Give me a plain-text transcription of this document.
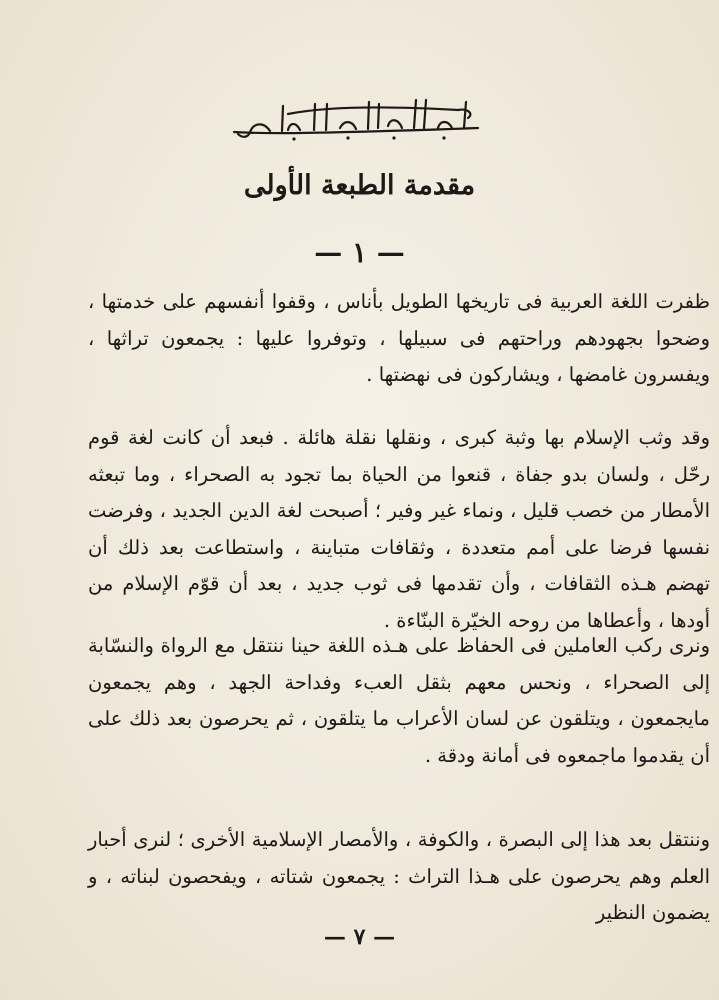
مقدمة الطبعة الأولى
— ١ —

ظفرت اللغة العربية فى تاريخها الطويل بأناس ، وقفوا أنفسهم على خدمتها ، وضحوا بجهودهم وراحتهم فى سبيلها ، وتوفروا عليها : يجمعون تراثها ، ويفسرون غامضها ، ويشاركون فى نهضتها .

وقد وثب الإسلام بها وثبة كبرى ، ونقلها نقلة هائلة . فبعد أن كانت لغة قوم رحّل ، ولسان بدو جفاة ، قنعوا من الحياة بما تجود به الصحراء ، وما تبعثه الأمطار من خصب قليل ، ونماء غير وفير ؛ أصبحت لغة الدين الجديد ، وفرضت نفسها فرضا على أمم متعددة ، وثقافات متباينة ، واستطاعت بعد ذلك أن تهضم هـذه الثقافات ، وأن تقدمها فى ثوب جديد ، بعد أن قوّم الإسلام من أودها ، وأعطاها من روحه الخيّرة البنّاءة .

ونرى ركب العاملين فى الحفاظ على هـذه اللغة حينا ننتقل مع الرواة والنسّابة إلى الصحراء ، ونحس معهم بثقل العبء وفداحة الجهد ، وهم يجمعون مايجمعون ، ويتلقون عن لسان الأعراب ما يتلقون ، ثم يحرصون بعد ذلك على أن يقدموا ماجمعوه فى أمانة ودقة .

وننتقل بعد هذا إلى البصرة ، والكوفة ، والأمصار الإسلامية الأخرى ؛ لنرى أحبار العلم وهم يحرصون على هـذا التراث : يجمعون شتاته ، ويفحصون لبناته ، و يضمون النظير

— ٧ —
